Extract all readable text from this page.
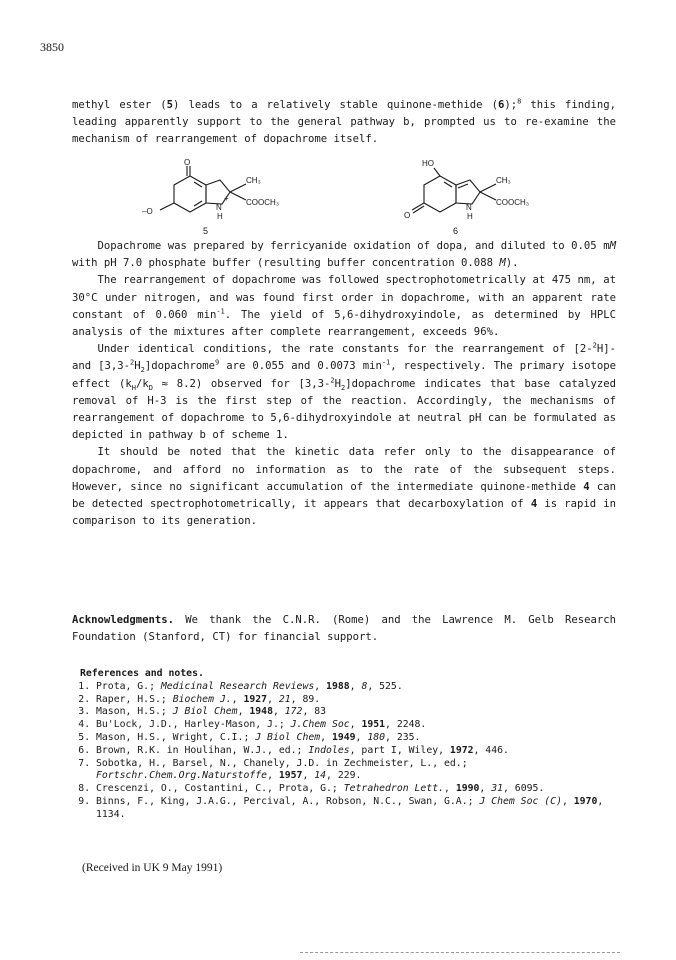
3850

methyl ester (5) leads to a relatively stable quinone-methide (6);$^8$ this finding, leading apparently support to the general pathway b, prompted us to re-examine the mechanism of rearrangement of dopachrome itself.

O
–O
CH₃
COOCH₃
+
N
H
5
HO
O
CH₃
COOCH₃
N
H
6

Dopachrome was prepared by ferricyanide oxidation of dopa, and diluted to 0.05 mM with pH 7.0 phosphate buffer (resulting buffer concentration 0.088 M).

The rearrangement of dopachrome was followed spectrophotometrically at 475 nm, at 30°C under nitrogen, and was found first order in dopachrome, with an apparent rate constant of 0.060 $\min^{-1}$. The yield of 5,6-dihydroxyindole, as determined by HPLC analysis of the mixtures after complete rearrangement, exceeds 96%.

Under identical conditions, the rate constants for the rearrangement of [2-$^2$H]- and $[3,3-^2H_2]dopachrome^9$ are 0.055 and 0.0073 $\min^{-1}$, respectively. The primary isotope effect $(k_H/k_D \approx 8.2)$ observed for $[3,3-^2H_2]dopachrome$ indicates that base catalyzed removal of H-3 is the first step of the reaction. Accordingly, the mechanisms of rearrangement of dopachrome to 5,6-dihydroxyindole at neutral pH can be formulated as depicted in pathway b of scheme 1.

It should be noted that the kinetic data refer only to the disappearance of dopachrome, and afford no information as to the rate of the subsequent steps. However, since no significant accumulation of the intermediate quinone-methide 4 can be detected spectrophotometrically, it appears that decarboxylation of 4 is rapid in comparison to its generation.

Acknowledgments. We thank the C.N.R. (Rome) and the Lawrence M. Gelb Research Foundation (Stanford, CT) for financial support.

References and notes.
1. Prota, G.; Medicinal Research Reviews, 1988, 8, 525.
2. Raper, H.S.; Biochem J., 1927, 21, 89.
3. Mason, H.S.; J Biol Chem, 1948, 172, 83
4. Bu'Lock, J.D., Harley-Mason, J.; J.Chem Soc, 1951, 2248.
5. Mason, H.S., Wright, C.I.; J Biol Chem, 1949, 180, 235.
6. Brown, R.K. in Houlihan, W.J., ed.; Indoles, part I, Wiley, 1972, 446.
7. Sobotka, H., Barsel, N., Chanely, J.D. in Zechmeister, L., ed.; Fortschr.Chem.Org.Naturstoffe, 1957, 14, 229.
8. Crescenzi, O., Costantini, C., Prota, G.; Tetrahedron Lett., 1990, 31, 6095.
9. Binns, F., King, J.A.G., Percival, A., Robson, N.C., Swan, G.A.; J Chem Soc (C), 1970, 1134.
(Received in UK 9 May 1991)
